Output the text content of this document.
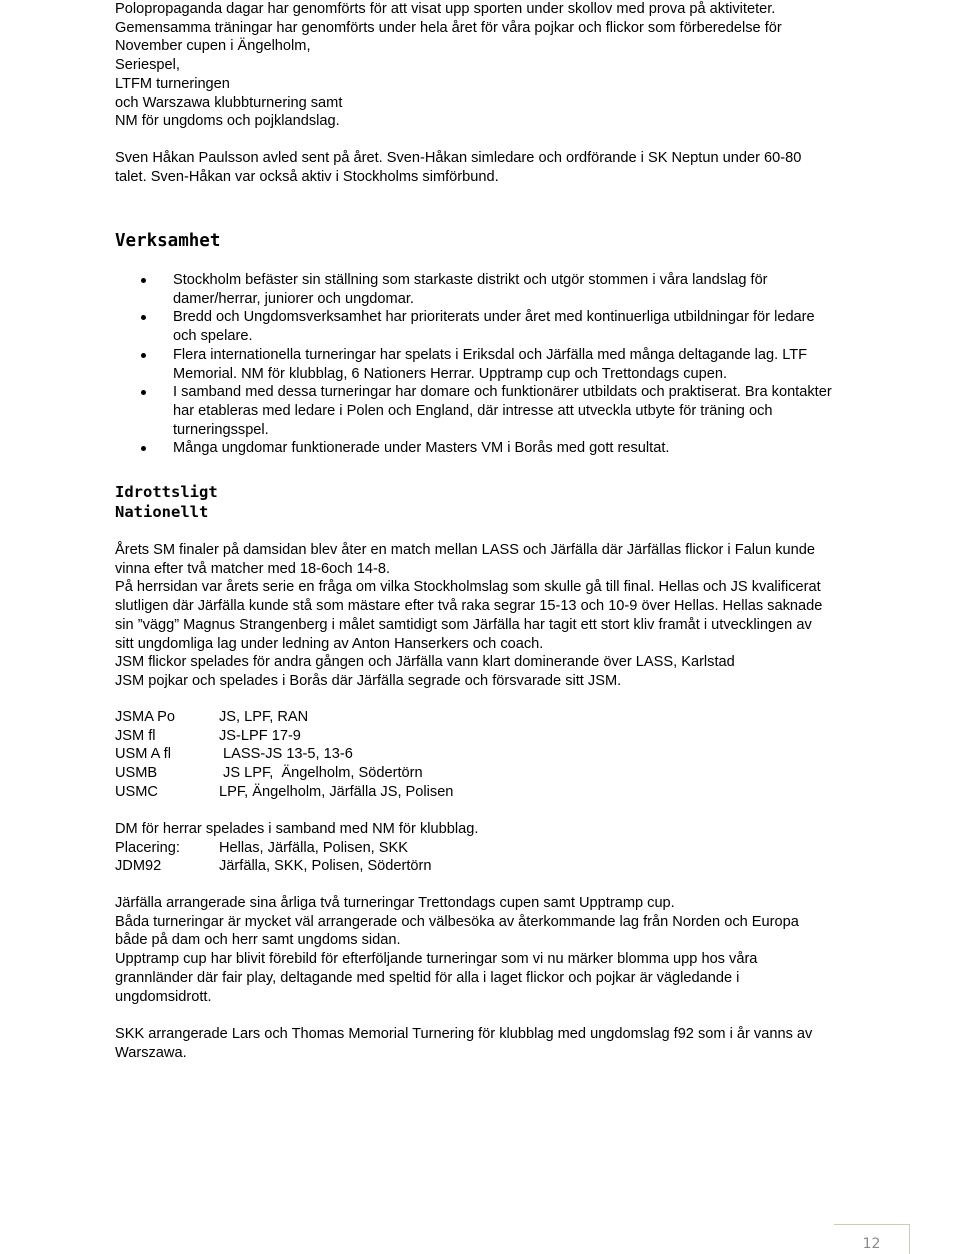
Polopropaganda dagar har genomförts för att visat upp sporten under skollov med prova på aktiviteter.

Gemensamma träningar har genomförts under hela året för våra pojkar och flickor som förberedelse för

November cupen i Ängelholm,

Seriespel,

LTFM turneringen

och Warszawa klubbturnering samt

NM för ungdoms och pojklandslag.

Sven Håkan Paulsson avled sent på året. Sven-Håkan simledare och ordförande i SK Neptun under 60-80

talet. Sven-Håkan var också aktiv i Stockholms simförbund.

Verksamhet
Stockholm befäster sin ställning som starkaste distrikt och utgör stommen i våra landslag för
damer/herrar, juniorer och ungdomar.
Bredd och Ungdomsverksamhet har prioriterats under året med kontinuerliga utbildningar för ledare
och spelare.
Flera internationella turneringar har spelats i Eriksdal och Järfälla med många deltagande lag. LTF
Memorial. NM för klubblag, 6 Nationers Herrar. Upptramp cup och Trettondags cupen.
I samband med dessa turneringar har domare och funktionärer utbildats och praktiserat. Bra kontakter
har etableras med ledare i Polen och England, där intresse att utveckla utbyte för träning och
turneringsspel.
Många ungdomar funktionerade under Masters VM i Borås med gott resultat.

Idrottsligt

Nationellt

Årets SM finaler på damsidan blev åter en match mellan LASS och Järfälla där Järfällas flickor i Falun kunde

vinna efter två matcher med 18-6och 14-8.

På herrsidan var årets serie en fråga om vilka Stockholmslag som skulle gå till final. Hellas och JS kvalificerat

slutligen där Järfälla kunde stå som mästare efter två raka segrar 15-13 och 10-9 över Hellas. Hellas saknade

sin ”vägg” Magnus Strangenberg i målet samtidigt som Järfälla har tagit ett stort kliv framåt i utvecklingen av

sitt ungdomliga lag under ledning av Anton Hanserkers och coach.

JSM flickor spelades för andra gången och Järfälla vann klart dominerande över LASS, Karlstad

JSM pojkar och spelades i Borås där Järfälla segrade och försvarade sitt JSM.

JSMA Po	JS, LPF, RAN
JSM fl	JS-LPF 17-9
USM A fl	LASS-JS 13-5, 13-6
USMB	JS LPF,  Ängelholm, Södertörn
USMC	LPF, Ängelholm, Järfälla JS, Polisen

DM för herrar spelades i samband med NM för klubblag.

Placering:	Hellas, Järfälla, Polisen, SKK
JDM92	Järfälla, SKK, Polisen, Södertörn

Järfälla arrangerade sina årliga två turneringar Trettondags cupen samt Upptramp cup.

Båda turneringar är mycket väl arrangerade och välbesöka av återkommande lag från Norden och Europa

både på dam och herr samt ungdoms sidan.

Upptramp cup har blivit förebild för efterföljande turneringar som vi nu märker blomma upp hos våra

grannländer där fair play, deltagande med speltid för alla i laget flickor och pojkar är vägledande i

ungdomsidrott.

SKK arrangerade Lars och Thomas Memorial Turnering för klubblag med ungdomslag f92 som i år vanns av

Warszawa.

12
